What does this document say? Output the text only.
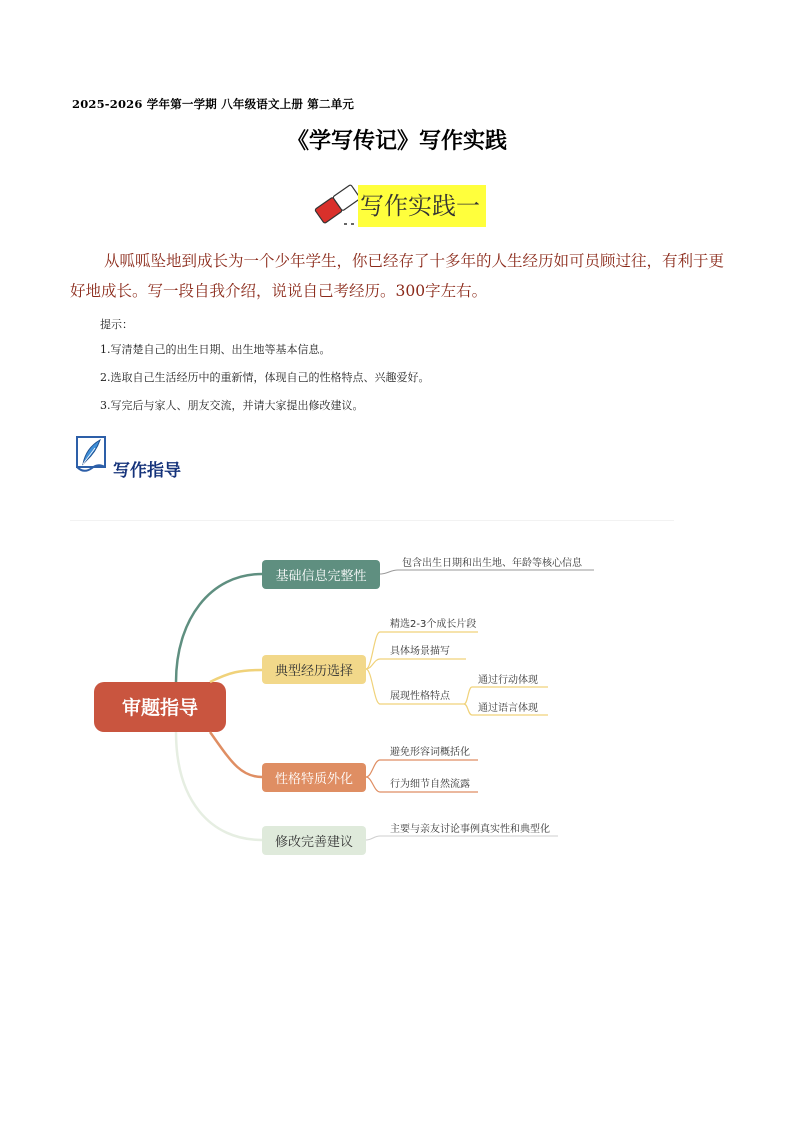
2025-2026 学年第一学期 八年级语文上册 第二单元
《学写传记》写作实践
写作实践一
从呱呱坠地到成长为一个少年学生，你已经存了十多年的人生经历如可员顾过往，有利于更好地成长。写一段自我介绍，说说自己考经历。300字左右。
提示：
1.写清楚自己的出生日期、出生地等基本信息。
2.选取自己生活经历中的重新情，体现自己的性格特点、兴趣爱好。
3.写完后与家人、朋友交流，并请大家提出修改建议。
写作指导
审题指导
基础信息完整性
包含出生日期和出生地、年龄等核心信息
典型经历选择
精选2-3个成长片段
具体场景描写
展现性格特点
通过行动体现
通过语言体现
性格特质外化
避免形容词概括化
行为细节自然流露
修改完善建议
主要与亲友讨论事例真实性和典型化
